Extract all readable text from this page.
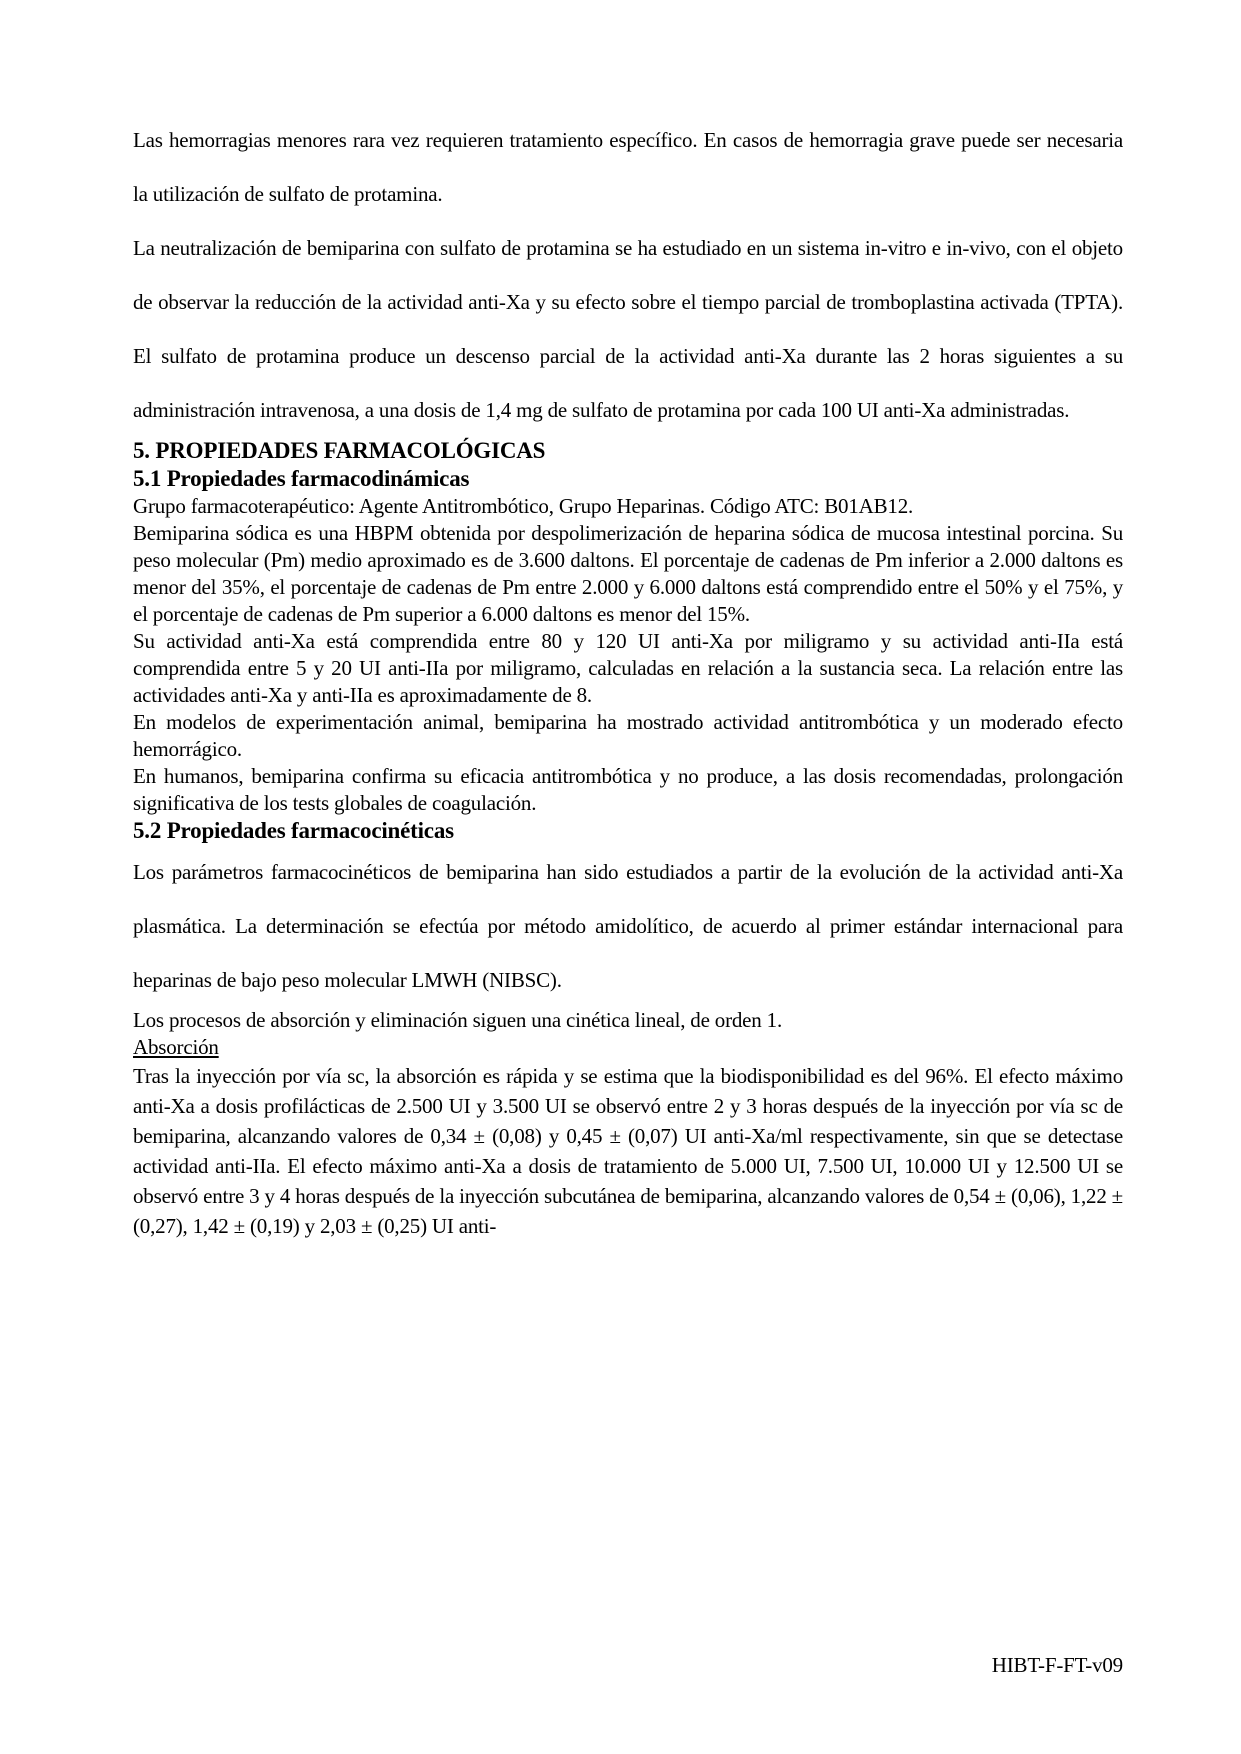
Las hemorragias menores rara vez requieren tratamiento específico. En casos de hemorragia grave puede ser necesaria la utilización de sulfato de protamina.

La neutralización de bemiparina con sulfato de protamina se ha estudiado en un sistema in-vitro e in-vivo, con el objeto de observar la reducción de la actividad anti-Xa y su efecto sobre el tiempo parcial de tromboplastina activada (TPTA). El sulfato de protamina produce un descenso parcial de la actividad anti-Xa durante las 2 horas siguientes a su administración intravenosa, a una dosis de 1,4 mg de sulfato de protamina por cada 100 UI anti-Xa administradas.

5. PROPIEDADES FARMACOLÓGICAS
5.1 Propiedades farmacodinámicas

Grupo farmacoterapéutico: Agente Antitrombótico, Grupo Heparinas. Código ATC: B01AB12.

Bemiparina sódica es una HBPM obtenida por despolimerización de heparina sódica de mucosa intestinal porcina. Su peso molecular (Pm) medio aproximado es de 3.600 daltons. El porcentaje de cadenas de Pm inferior a 2.000 daltons es menor del 35%, el porcentaje de cadenas de Pm entre 2.000 y 6.000 daltons está comprendido entre el 50% y el 75%, y el porcentaje de cadenas de Pm superior a 6.000 daltons es menor del 15%.

Su actividad anti-Xa está comprendida entre 80 y 120 UI anti-Xa por miligramo y su actividad anti-IIa está comprendida entre 5 y 20 UI anti-IIa por miligramo, calculadas en relación a la sustancia seca. La relación entre las actividades anti-Xa y anti-IIa es aproximadamente de 8.

En modelos de experimentación animal, bemiparina ha mostrado actividad antitrombótica y un moderado efecto hemorrágico.

En humanos, bemiparina confirma su eficacia antitrombótica y no produce, a las dosis recomendadas, prolongación significativa de los tests globales de coagulación.

5.2 Propiedades farmacocinéticas

Los parámetros farmacocinéticos de bemiparina han sido estudiados a partir de la evolución de la actividad anti-Xa plasmática. La determinación se efectúa por método amidolítico, de acuerdo al primer estándar internacional para heparinas de bajo peso molecular LMWH (NIBSC).

Los procesos de absorción y eliminación siguen una cinética lineal, de orden 1.

Absorción

Tras la inyección por vía sc, la absorción es rápida y se estima que la biodisponibilidad es del 96%. El efecto máximo anti-Xa a dosis profilácticas de 2.500 UI y 3.500 UI se observó entre 2 y 3 horas después de la inyección por vía sc de bemiparina, alcanzando valores de 0,34 ± (0,08) y 0,45 ± (0,07) UI anti-Xa/ml respectivamente, sin que se detectase actividad anti-IIa. El efecto máximo anti-Xa a dosis de tratamiento de 5.000 UI, 7.500 UI, 10.000 UI y 12.500 UI se observó entre 3 y 4 horas después de la inyección subcutánea de bemiparina, alcanzando valores de 0,54 ± (0,06), 1,22 ± (0,27), 1,42 ± (0,19) y 2,03 ± (0,25) UI anti-

HIBT-F-FT-v09
